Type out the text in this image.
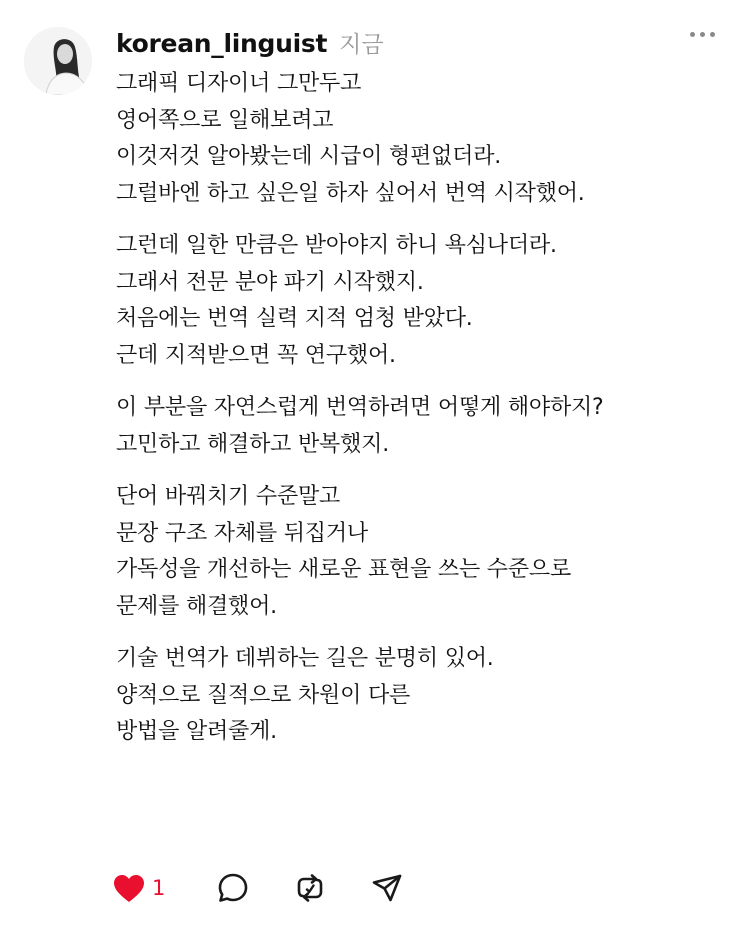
korean_linguist 지금
그래픽 디자이너 그만두고
영어쪽으로 일해보려고
이것저것 알아봤는데 시급이 형편없더라.
그럴바엔 하고 싶은일 하자 싶어서 번역 시작했어.
그런데 일한 만큼은 받아야지 하니 욕심나더라.
그래서 전문 분야 파기 시작했지.
처음에는 번역 실력 지적 엄청 받았다.
근데 지적받으면 꼭 연구했어.
이 부분을 자연스럽게 번역하려면 어떻게 해야하지?
고민하고 해결하고 반복했지.
단어 바꿔치기 수준말고
문장 구조 자체를 뒤집거나
가독성을 개선하는 새로운 표현을 쓰는 수준으로
문제를 해결했어.
기술 번역가 데뷔하는 길은 분명히 있어.
양적으로 질적으로 차원이 다른
방법을 알려줄게.
1
